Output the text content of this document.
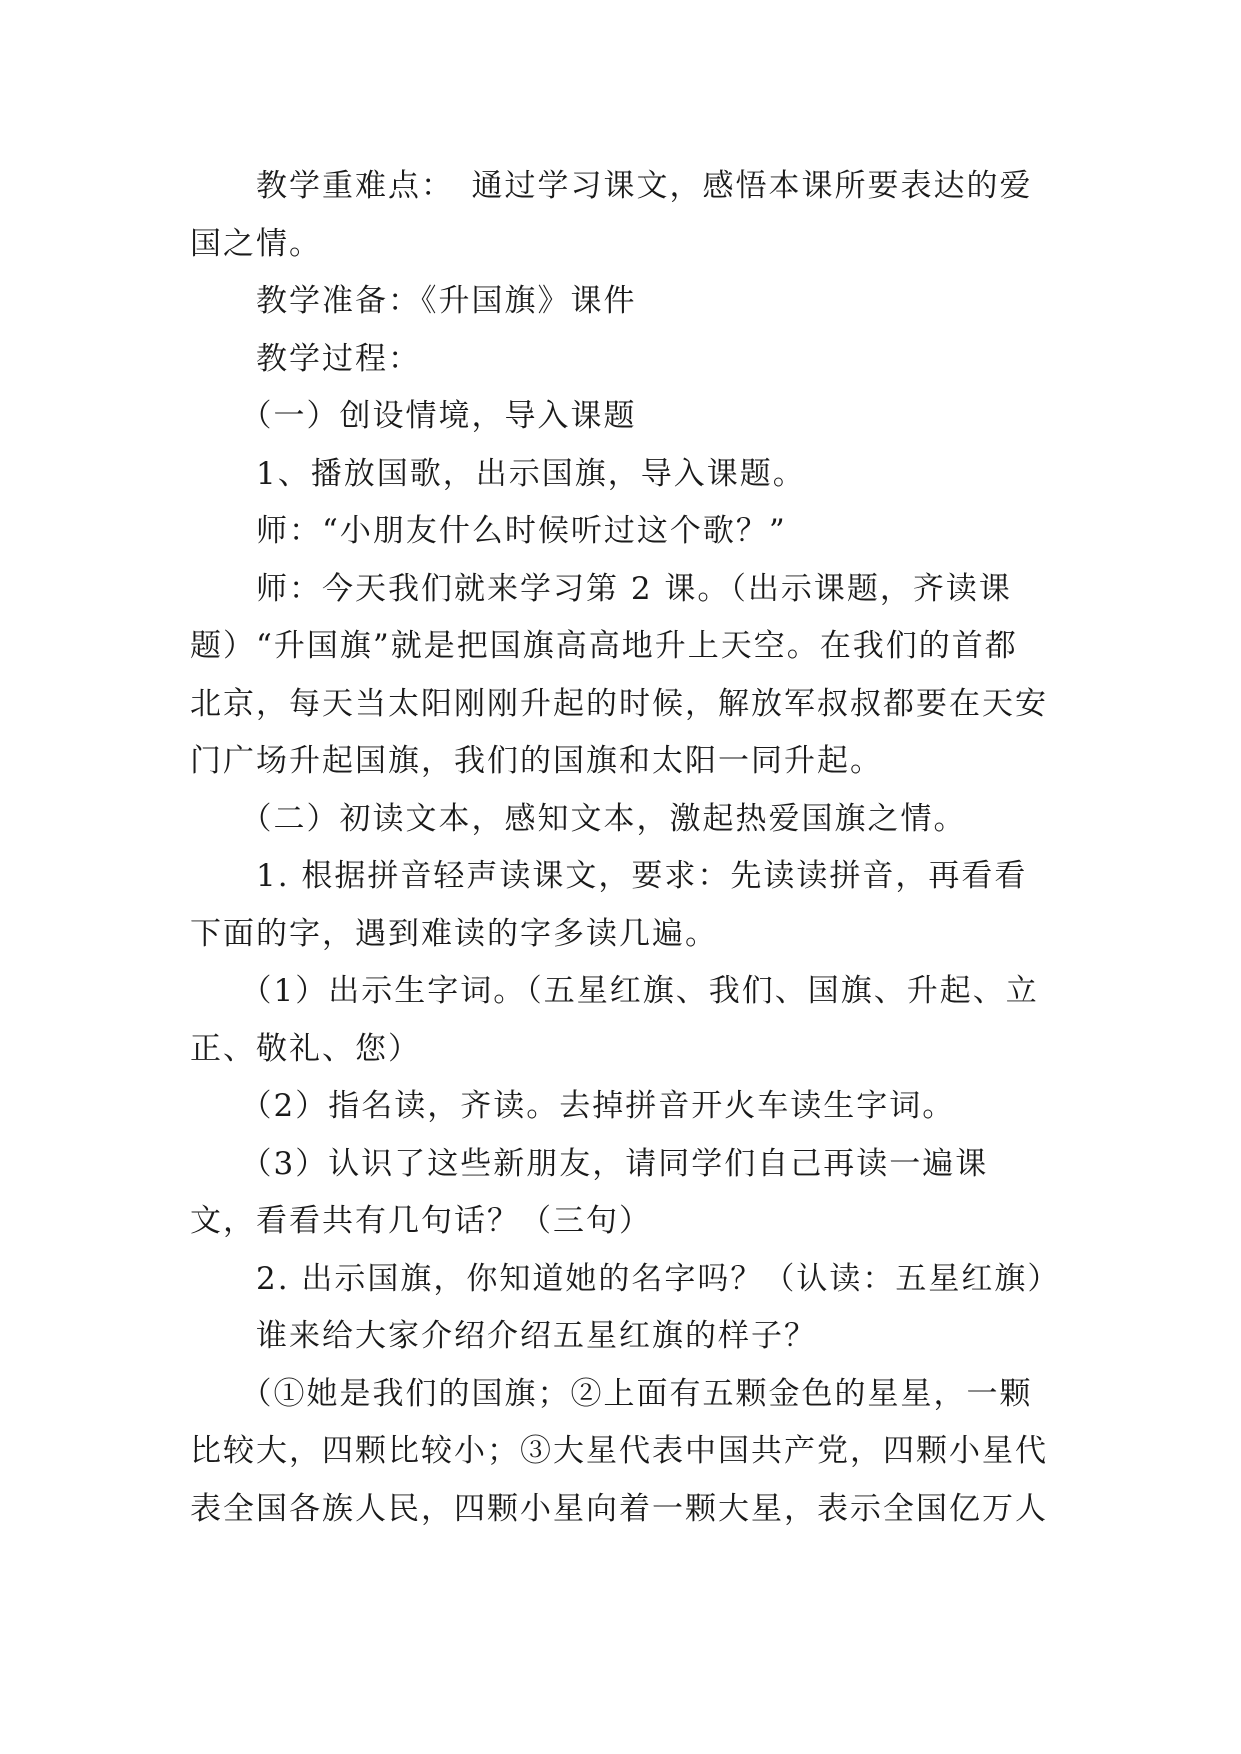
　　教学重难点：　通过学习课文，感悟本课所要表达的爱国之情。

　　教学准备：《升国旗》课件

　　教学过程：

　　（一）创设情境，导入课题

　　1、播放国歌，出示国旗，导入课题。

　　师：“小朋友什么时候听过这个歌？”

　　师：今天我们就来学习第 2 课。（出示课题，齐读课题）“升国旗”就是把国旗高高地升上天空。在我们的首都北京，每天当太阳刚刚升起的时候，解放军叔叔都要在天安门广场升起国旗，我们的国旗和太阳一同升起。

　　（二）初读文本，感知文本，激起热爱国旗之情。

　　1. 根据拼音轻声读课文，要求：先读读拼音，再看看下面的字，遇到难读的字多读几遍。

　　（1）出示生字词。（五星红旗、我们、国旗、升起、立正、敬礼、您）

　　（2）指名读，齐读。去掉拼音开火车读生字词。

　　（3）认识了这些新朋友，请同学们自己再读一遍课文，看看共有几句话？（三句）

　　2. 出示国旗，你知道她的名字吗？（认读：五星红旗）

　　谁来给大家介绍介绍五星红旗的样子？

　　（①她是我们的国旗；②上面有五颗金色的星星，一颗比较大，四颗比较小；③大星代表中国共产党，四颗小星代表全国各族人民，四颗小星向着一颗大星，表示全国亿万人
